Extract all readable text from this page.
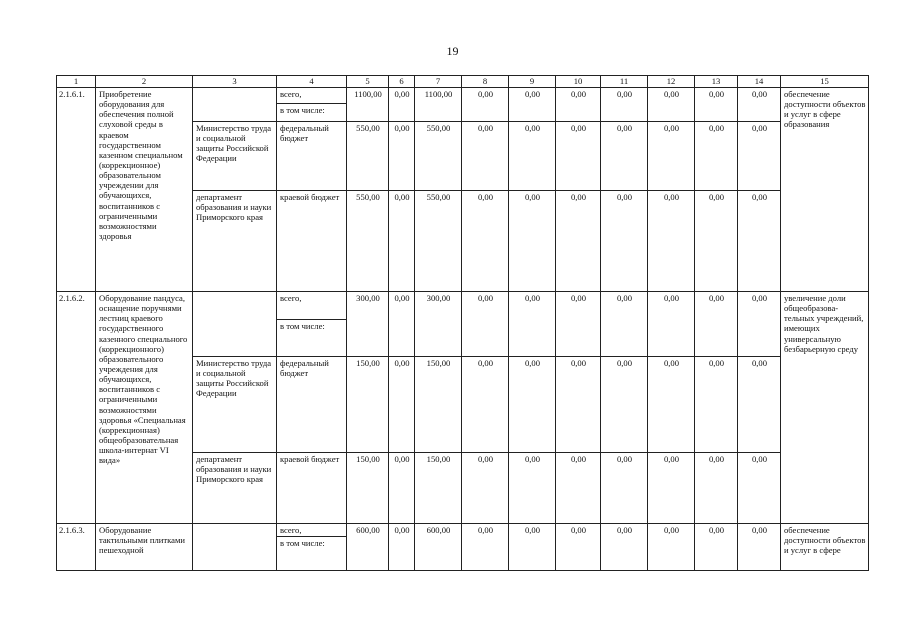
19
1	2	3	4	5	6	7	8	9	10	11	12	13	14	15
2.1.6.1.	Приобретение оборудования для обеспечения полной слуховой среды в краевом государственном казенном специальном (коррекционное) образовательном учреждении для обучающихся, воспитанников с ограниченными возможностями здоровья		всего,	1100,00	0,00	1100,00	0,00	0,00	0,00	0,00	0,00	0,00	0,00	обеспечение доступности объектов и услуг в сфере образования
			в том числе:											
		Министерство труда и социальной защиты Российской Федерации	федеральный бюджет	550,00	0,00	550,00	0,00	0,00	0,00	0,00	0,00	0,00	0,00	
		департамент образования и науки Приморского края	краевой бюджет	550,00	0,00	550,00	0,00	0,00	0,00	0,00	0,00	0,00	0,00	
2.1.6.2.	Оборудование пандуса, оснащение поручнями лестниц краевого государственного казенного специального (коррекционного) образовательного учреждения для обучающихся, воспитанников с ограниченными возможностями здоровья «Специальная (коррекционная) общеобразовательная школа-интернат VI вида»		всего,	300,00	0,00	300,00	0,00	0,00	0,00	0,00	0,00	0,00	0,00	увеличение доли общеобразова-тельных учреждений, имеющих универсальную безбарьерную среду
			в том числе:											
		Министерство труда и социальной защиты Российской Федерации	федеральный бюджет	150,00	0,00	150,00	0,00	0,00	0,00	0,00	0,00	0,00	0,00	
		департамент образования и науки Приморского края	краевой бюджет	150,00	0,00	150,00	0,00	0,00	0,00	0,00	0,00	0,00	0,00	
2.1.6.3.	Оборудование тактильными плитками пешеходной		всего,	600,00	0,00	600,00	0,00	0,00	0,00	0,00	0,00	0,00	0,00	обеспечение доступности объектов и услуг в сфере
			в том числе:											
